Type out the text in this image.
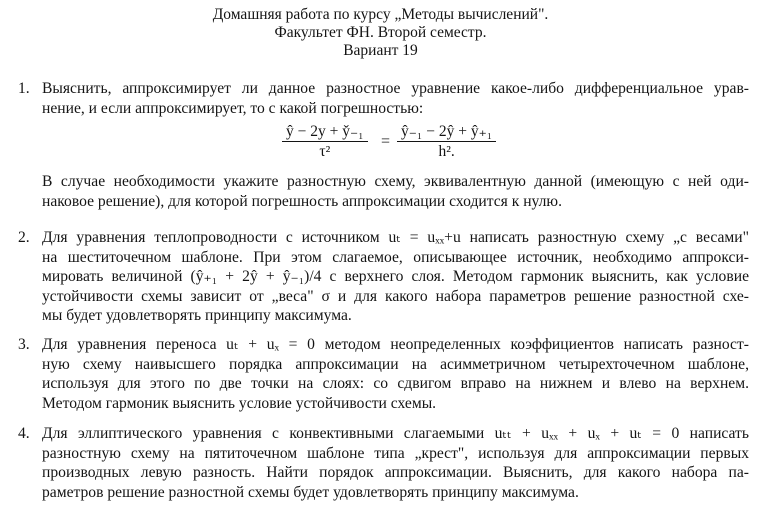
Домашняя работа по курсу „Методы вычислений".
Факультет ФН. Второй семестр.
Вариант 19
1. Выяснить, аппроксимирует ли данное разностное уравнение какое-либо дифференциальное урав-
нение, и если аппроксимирует, то с какой погрешностью:
$\frac{\text{ŷ − 2y + y̌₋₁}}{\text{τ²}} = \frac{\text{ŷ₋₁ − 2ŷ + ŷ₊₁}}{\text{h².}}$
В случае необходимости укажите разностную схему, эквивалентную данной (имеющую с ней оди-
наковое решение), для которой погрешность аппроксимации сходится к нулю.
2. Для уравнения теплопроводности с источником uₜ = uₓₓ+u написать разностную схему „с весами"
на шеститочечном шаблоне. При этом слагаемое, описывающее источник, необходимо аппрокси-
мировать величиной (ŷ₊₁ + 2ŷ + ŷ₋₁)/4 с верхнего слоя. Методом гармоник выяснить, как условие
устойчивости схемы зависит от „веса" σ и для какого набора параметров решение разностной схе-
мы будет удовлетворять принципу максимума.
3. Для уравнения переноса uₜ + uₓ = 0 методом неопределенных коэффициентов написать разност-
ную схему наивысшего порядка аппроксимации на асимметричном четырехточечном шаблоне,
используя для этого по две точки на слоях: со сдвигом вправо на нижнем и влево на верхнем.
Методом гармоник выяснить условие устойчивости схемы.
4. Для эллиптического уравнения с конвективными слагаемыми uₜₜ + uₓₓ + uₓ + uₜ = 0 написать
разностную схему на пятиточечном шаблоне типа „крест", используя для аппроксимации первых
производных левую разность. Найти порядок аппроксимации. Выяснить, для какого набора па-
раметров решение разностной схемы будет удовлетворять принципу максимума.
